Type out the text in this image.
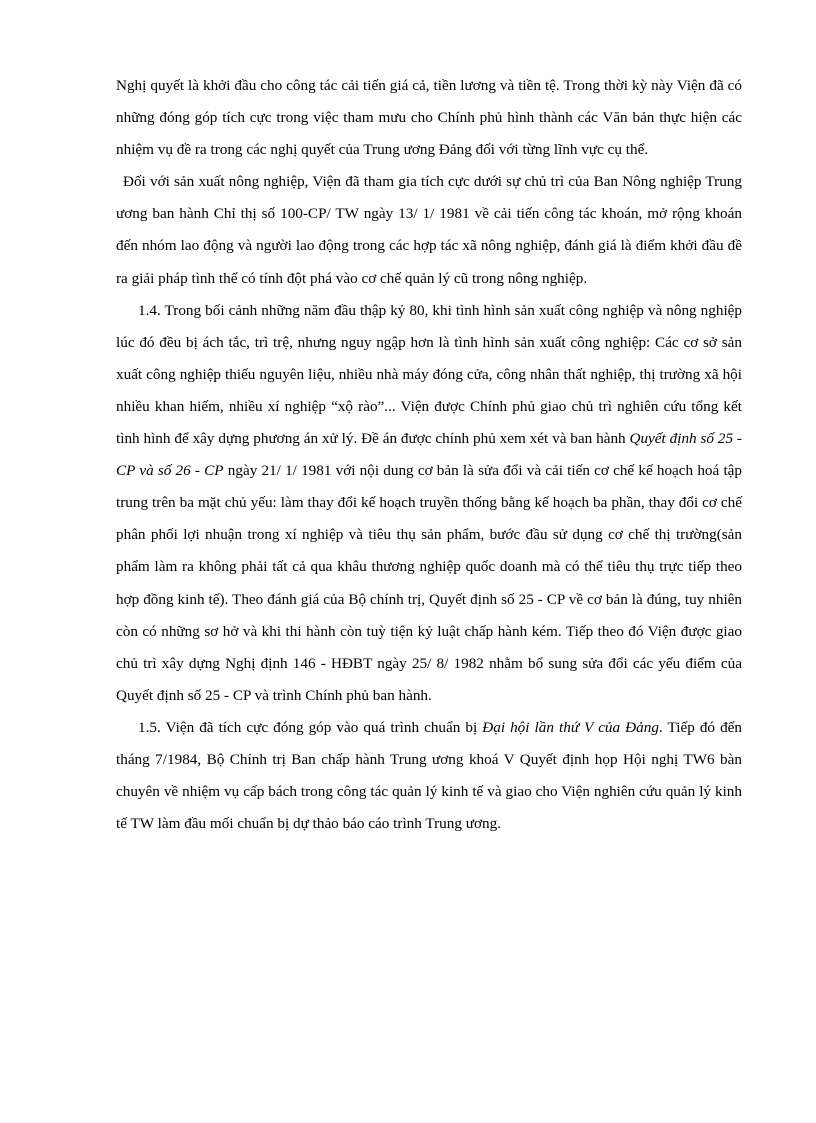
Nghị quyết là khởi đầu cho công tác cải tiến giá cả, tiền lương và tiền tệ. Trong thời kỳ này Viện đã có những đóng góp tích cực trong việc tham mưu cho Chính phủ hình thành các Văn bản thực hiện các nhiệm vụ đề ra trong các nghị quyết của Trung ương Đảng đối với từng lĩnh vực cụ thể.

Đối với sản xuất nông nghiệp, Viện đã tham gia tích cực dưới sự chủ trì của Ban Nông nghiệp Trung ương ban hành Chỉ thị số 100-CP/ TW ngày 13/ 1/ 1981 về cải tiến công tác khoán, mở rộng khoán đến nhóm lao động và người lao động trong các hợp tác xã nông nghiệp, đánh giá là điểm khởi đầu đề ra giải pháp tình thế có tính đột phá vào cơ chế quản lý cũ trong nông nghiệp.

1.4. Trong bối cảnh những năm đầu thập kỷ 80, khi tình hình sản xuất công nghiệp và nông nghiệp lúc đó đều bị ách tắc, trì trệ, nhưng nguy ngập hơn là tình hình sản xuất công nghiệp: Các cơ sở sản xuất công nghiệp thiếu nguyên liệu, nhiều nhà máy đóng cửa, công nhân thất nghiệp, thị trường xã hội nhiều khan hiếm, nhiều xí nghiệp “xộ rào”... Viện được Chính phủ giao chủ trì nghiên cứu tổng kết tình hình để xây dựng phương án xử lý. Đề án được chính phủ xem xét và ban hành Quyết định số 25 - CP và số 26 - CP ngày 21/ 1/ 1981 với nội dung cơ bản là sửa đổi và cải tiến cơ chế kế hoạch hoá tập trung trên ba mặt chủ yếu: làm thay đổi kế hoạch truyền thống bằng kế hoạch ba phần, thay đổi cơ chế phân phối lợi nhuận trong xí nghiệp và tiêu thụ sản phẩm, bước đầu sử dụng cơ chế thị trường(sản phẩm làm ra không phải tất cả qua khâu thương nghiệp quốc doanh mà có thể tiêu thụ trực tiếp theo hợp đồng kinh tế). Theo đánh giá của Bộ chính trị, Quyết định số 25 - CP về cơ bản là đúng, tuy nhiên còn có những sơ hở và khi thi hành còn tuỳ tiện kỷ luật chấp hành kém. Tiếp theo đó Viện được giao chủ trì xây dựng Nghị định 146 - HĐBT ngày 25/ 8/ 1982 nhằm bổ sung sửa đổi các yếu điểm của Quyết định số 25 - CP và trình Chính phủ ban hành.

1.5. Viện đã tích cực đóng góp vào quá trình chuẩn bị Đại hội lần thứ V của Đảng. Tiếp đó đến tháng 7/1984, Bộ Chính trị Ban chấp hành Trung ương khoá V Quyết định họp Hội nghị TW6 bàn chuyên về nhiệm vụ cấp bách trong công tác quản lý kinh tế và giao cho Viện nghiên cứu quản lý kinh tế TW làm đầu mối chuẩn bị dự thảo báo cáo trình Trung ương.
